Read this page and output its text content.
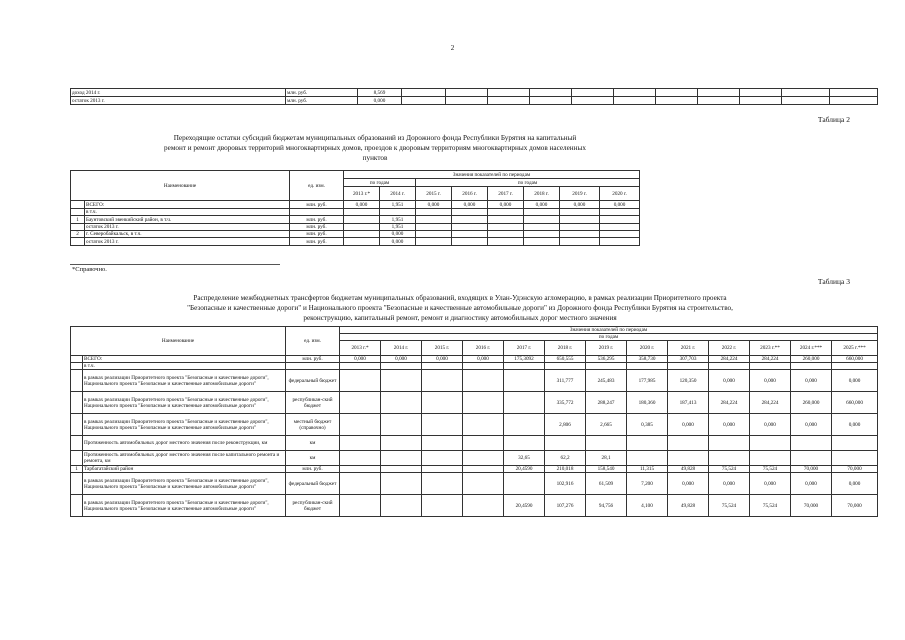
2
доход 2014 г.	млн. руб.	8,569											
остаток 2013 г.	млн. руб.	0,000											
Таблица 2
Переходящие остатки субсидий бюджетам муниципальных образований из Дорожного фонда Республики Бурятия на капитальный
ремонт и ремонт дворовых территорий многоквартирных домов, проездов к дворовым территориям многоквартирных домов населенных
пунктов
Наименование		ед. изм.	Значения показателей по периодам							
			по годам		по годам					
			2013 г.*	2014 г.	2015 г.	2016 г.	2017 г.	2018 г.	2019 г.	2020 г.
	ВСЕГО:	млн. руб.	0,000	1,951	0,000	0,000	0,000	0,000	0,000	0,000
	в т.ч.									
1	Баунтовский эвенкийский район, в т.ч.	млн. руб.		1,951						
	остаток 2013 г.	млн. руб.		1,951						
2	г. Северобайкальск, в т.ч.	млн. руб.		0,000						
	остаток 2013 г.	млн. руб.		0,000						
*Справочно.
Таблица 3
Распределение межбюджетных трансфертов бюджетам муниципальных образований, входящих в Улан-Удэнскую агломерацию, в рамках реализации Приоритетного проекта
"Безопасные и качественные дороги" и Национального проекта "Безопасные и качественные автомобильные дороги" из Дорожного фонда Республики Бурятия на строительство,
реконструкцию, капитальный ремонт, ремонт и диагностику автомобильных дорог местного значения
Наименование		ед. изм.	Значения показателей по периодам												
			по годам												
			2013 г.*	2014 г.	2015 г.	2016 г.	2017 г.	2018 г.	2019 г.	2020 г.	2021 г.	2022 г.	2023 г.**	2024 г.***	2025 г.***
	ВСЕГО:	млн. руб.	0,000	0,000	0,000	0,000	175,3092	650,555	536,295	358,730	307,703	284,224	284,224	260,000	660,000
	в т.ч.														
	в рамках реализации Приоритетного проекта "Безопасные и качественные дороги", Национального проекта "Безопасные и качественные автомобильные дороги"	федеральный бюджет						311,777	245,483	177,985	120,350	0,000	0,000	0,000	0,000
	в рамках реализации Приоритетного проекта "Безопасные и качественные дороги", Национального проекта "Безопасные и качественные автомобильные дороги"	республикан-ский бюджет						335,772	288,247	180,360	187,413	284,224	284,224	260,000	660,000
	в рамках реализации Приоритетного проекта "Безопасные и качественные дороги", Национального проекта "Безопасные и качественные автомобильные дороги"	местный бюджет (справочно)						2,806	2,665	0,385	0,000	0,000	0,000	0,000	0,000
	Протяженность автомобильных дорог местного значения после реконструкции, км	км													
	Протяженность автомобильных дорог местного значения после капитального ремонта и ремонта, км	км					32,65	62,2	28,1						
1	Тарбагатайский район	млн. руб.					20,4590	210,018	158,540	11,315	49,828	75,524	75,524	70,000	70,000
	в рамках реализации Приоритетного проекта "Безопасные и качественные дороги", Национального проекта "Безопасные и качественные автомобильные дороги"	федеральный бюджет						102,916	61,509	7,200	0,000	0,000	0,000	0,000	0,000
	в рамках реализации Приоритетного проекта "Безопасные и качественные дороги", Национального проекта "Безопасные и качественные автомобильные дороги"	республикан-ский бюджет					20,4590	107,276	94,756	4,100	49,828	75,524	75,524	70,000	70,000
